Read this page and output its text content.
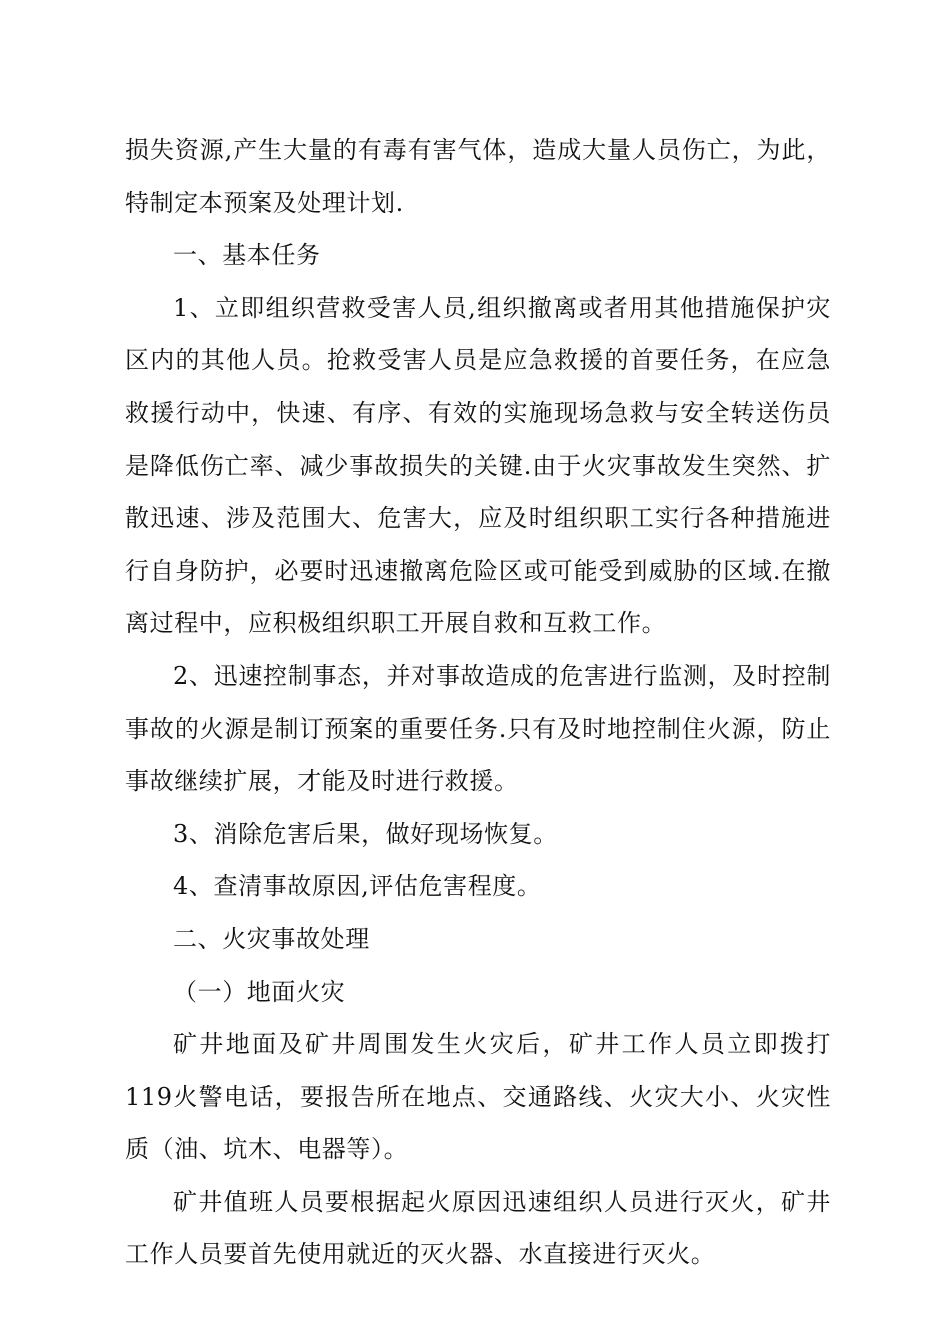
损失资源,产生大量的有毒有害气体，造成大量人员伤亡，为此，特制定本预案及处理计划.

一、基本任务

1、立即组织营救受害人员,组织撤离或者用其他措施保护灾区内的其他人员。抢救受害人员是应急救援的首要任务，在应急救援行动中，快速、有序、有效的实施现场急救与安全转送伤员是降低伤亡率、减少事故损失的关键.由于火灾事故发生突然、扩散迅速、涉及范围大、危害大，应及时组织职工实行各种措施进行自身防护，必要时迅速撤离危险区或可能受到威胁的区域.在撤离过程中，应积极组织职工开展自救和互救工作。

2、迅速控制事态，并对事故造成的危害进行监测，及时控制事故的火源是制订预案的重要任务.只有及时地控制住火源，防止事故继续扩展，才能及时进行救援。

3、消除危害后果，做好现场恢复。

4、查清事故原因,评估危害程度。

二、火灾事故处理

（一）地面火灾

矿井地面及矿井周围发生火灾后，矿井工作人员立即拨打119火警电话，要报告所在地点、交通路线、火灾大小、火灾性质（油、坑木、电器等）。

矿井值班人员要根据起火原因迅速组织人员进行灭火，矿井工作人员要首先使用就近的灭火器、水直接进行灭火。
